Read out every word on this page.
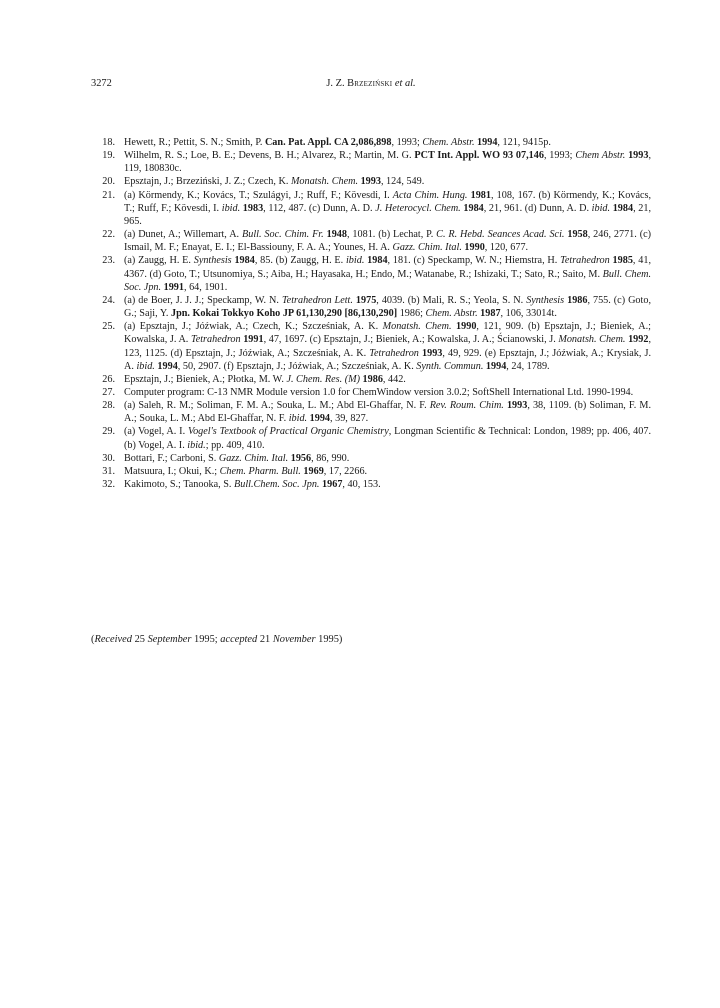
3272	J. Z. Brzeziński et al.
18. Hewett, R.; Pettit, S. N.; Smith, P. Can. Pat. Appl. CA 2,086,898, 1993; Chem. Abstr. 1994, 121, 9415p.
19. Wilhelm, R. S.; Loe, B. E.; Devens, B. H.; Alvarez, R.; Martin, M. G. PCT Int. Appl. WO 93 07,146, 1993; Chem Abstr. 1993, 119, 180830c.
20. Epsztajn, J.; Brzeziński, J. Z.; Czech, K. Monatsh. Chem. 1993, 124, 549.
21. (a) Körmendy, K.; Kovács, T.; Szulágyi, J.; Ruff, F.; Kövesdi, I. Acta Chim. Hung. 1981, 108, 167. (b) Körmendy, K.; Kovács, T.; Ruff, F.; Kövesdi, I. ibid. 1983, 112, 487. (c) Dunn, A. D. J. Heterocycl. Chem. 1984, 21, 961. (d) Dunn, A. D. ibid. 1984, 21, 965.
22. (a) Dunet, A.; Willemart, A. Bull. Soc. Chim. Fr. 1948, 1081. (b) Lechat, P. C. R. Hebd. Seances Acad. Sci. 1958, 246, 2771. (c) Ismail, M. F.; Enayat, E. I.; El-Bassiouny, F. A. A.; Younes, H. A. Gazz. Chim. Ital. 1990, 120, 677.
23. (a) Zaugg, H. E. Synthesis 1984, 85. (b) Zaugg, H. E. ibid. 1984, 181. (c) Speckamp, W. N.; Hiemstra, H. Tetrahedron 1985, 41, 4367. (d) Goto, T.; Utsunomiya, S.; Aiba, H.; Hayasaka, H.; Endo, M.; Watanabe, R.; Ishizaki, T.; Sato, R.; Saito, M. Bull. Chem. Soc. Jpn. 1991, 64, 1901.
24. (a) de Boer, J. J. J.; Speckamp, W. N. Tetrahedron Lett. 1975, 4039. (b) Mali, R. S.; Yeola, S. N. Synthesis 1986, 755. (c) Goto, G.; Saji, Y. Jpn. Kokai Tokkyo Koho JP 61,130,290 [86,130,290] 1986; Chem. Abstr. 1987, 106, 33014t.
25. (a) Epsztajn, J.; Jóźwiak, A.; Czech, K.; Szcześniak, A. K. Monatsh. Chem. 1990, 121, 909. (b) Epsztajn, J.; Bieniek, A.; Kowalska, J. A. Tetrahedron 1991, 47, 1697. (c) Epsztajn, J.; Bieniek, A.; Kowalska, J. A.; Ścianowski, J. Monatsh. Chem. 1992, 123, 1125. (d) Epsztajn, J.; Jóźwiak, A.; Szcześniak, A. K. Tetrahedron 1993, 49, 929. (e) Epsztajn, J.; Jóźwiak, A.; Krysiak, J. A. ibid. 1994, 50, 2907. (f) Epsztajn, J.; Jóźwiak, A.; Szcześniak, A. K. Synth. Commun. 1994, 24, 1789.
26. Epsztajn, J.; Bieniek, A.; Płotka, M. W. J. Chem. Res. (M) 1986, 442.
27. Computer program: C-13 NMR Module version 1.0 for ChemWindow version 3.0.2; SoftShell International Ltd. 1990-1994.
28. (a) Saleh, R. M.; Soliman, F. M. A.; Souka, L. M.; Abd El-Ghaffar, N. F. Rev. Roum. Chim. 1993, 38, 1109. (b) Soliman, F. M. A.; Souka, L. M.; Abd El-Ghaffar, N. F. ibid. 1994, 39, 827.
29. (a) Vogel, A. I. Vogel's Textbook of Practical Organic Chemistry, Longman Scientific & Technical: London, 1989; pp. 406, 407. (b) Vogel, A. I. ibid.; pp. 409, 410.
30. Bottari, F.; Carboni, S. Gazz. Chim. Ital. 1956, 86, 990.
31. Matsuura, I.; Okui, K.; Chem. Pharm. Bull. 1969, 17, 2266.
32. Kakimoto, S.; Tanooka, S. Bull.Chem. Soc. Jpn. 1967, 40, 153.
(Received 25 September 1995; accepted 21 November 1995)
